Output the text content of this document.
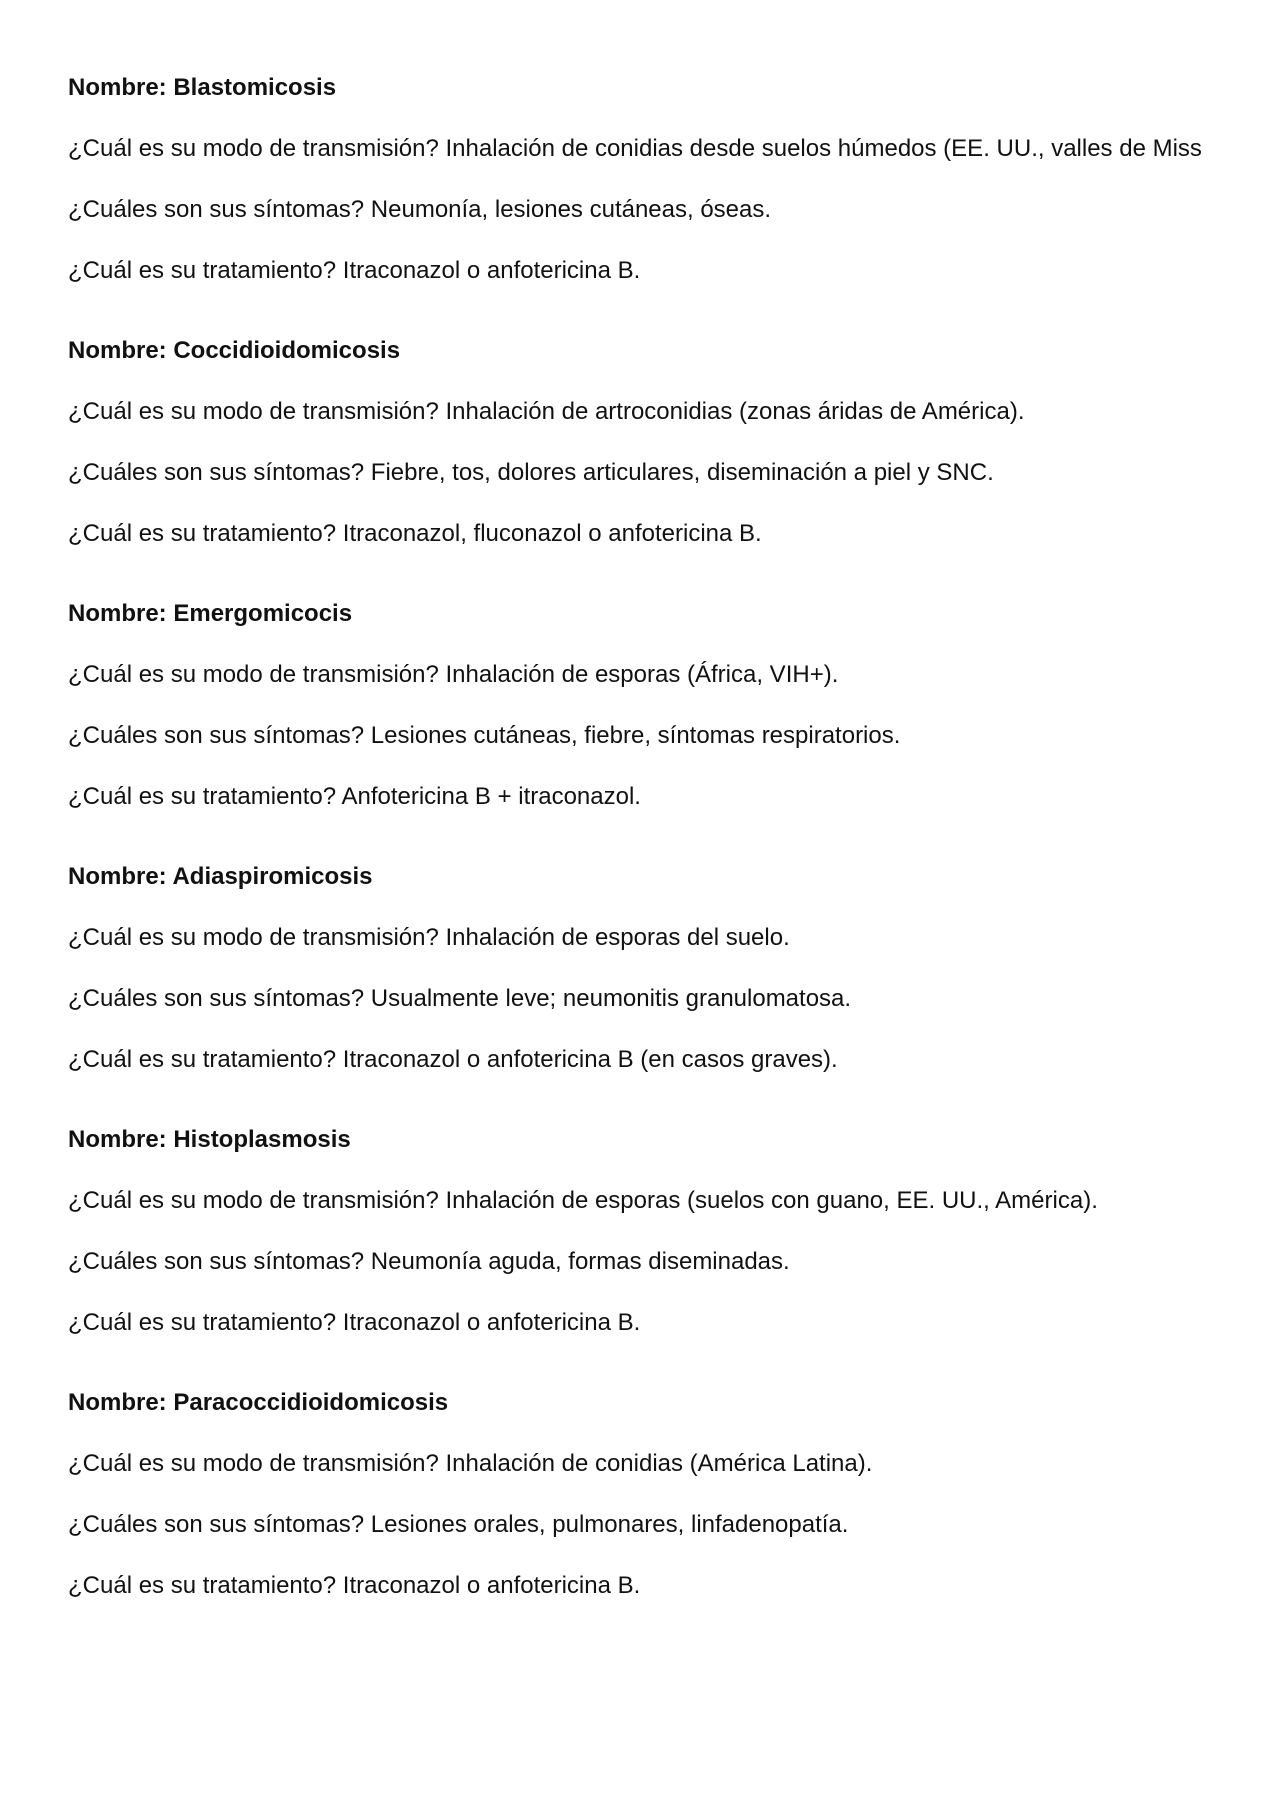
Nombre: Blastomicosis
¿Cuál es su modo de transmisión? Inhalación de conidias desde suelos húmedos (EE. UU., valles de Miss
¿Cuáles son sus síntomas? Neumonía, lesiones cutáneas, óseas.
¿Cuál es su tratamiento? Itraconazol o anfotericina B.
Nombre: Coccidioidomicosis
¿Cuál es su modo de transmisión? Inhalación de artroconidias (zonas áridas de América).
¿Cuáles son sus síntomas? Fiebre, tos, dolores articulares, diseminación a piel y SNC.
¿Cuál es su tratamiento? Itraconazol, fluconazol o anfotericina B.
Nombre: Emergomicocis
¿Cuál es su modo de transmisión? Inhalación de esporas (África, VIH+).
¿Cuáles son sus síntomas? Lesiones cutáneas, fiebre, síntomas respiratorios.
¿Cuál es su tratamiento? Anfotericina B + itraconazol.
Nombre: Adiaspiromicosis
¿Cuál es su modo de transmisión? Inhalación de esporas del suelo.
¿Cuáles son sus síntomas? Usualmente leve; neumonitis granulomatosa.
¿Cuál es su tratamiento? Itraconazol o anfotericina B (en casos graves).
Nombre: Histoplasmosis
¿Cuál es su modo de transmisión? Inhalación de esporas (suelos con guano, EE. UU., América).
¿Cuáles son sus síntomas? Neumonía aguda, formas diseminadas.
¿Cuál es su tratamiento? Itraconazol o anfotericina B.
Nombre: Paracoccidioidomicosis
¿Cuál es su modo de transmisión? Inhalación de conidias (América Latina).
¿Cuáles son sus síntomas? Lesiones orales, pulmonares, linfadenopatía.
¿Cuál es su tratamiento? Itraconazol o anfotericina B.
